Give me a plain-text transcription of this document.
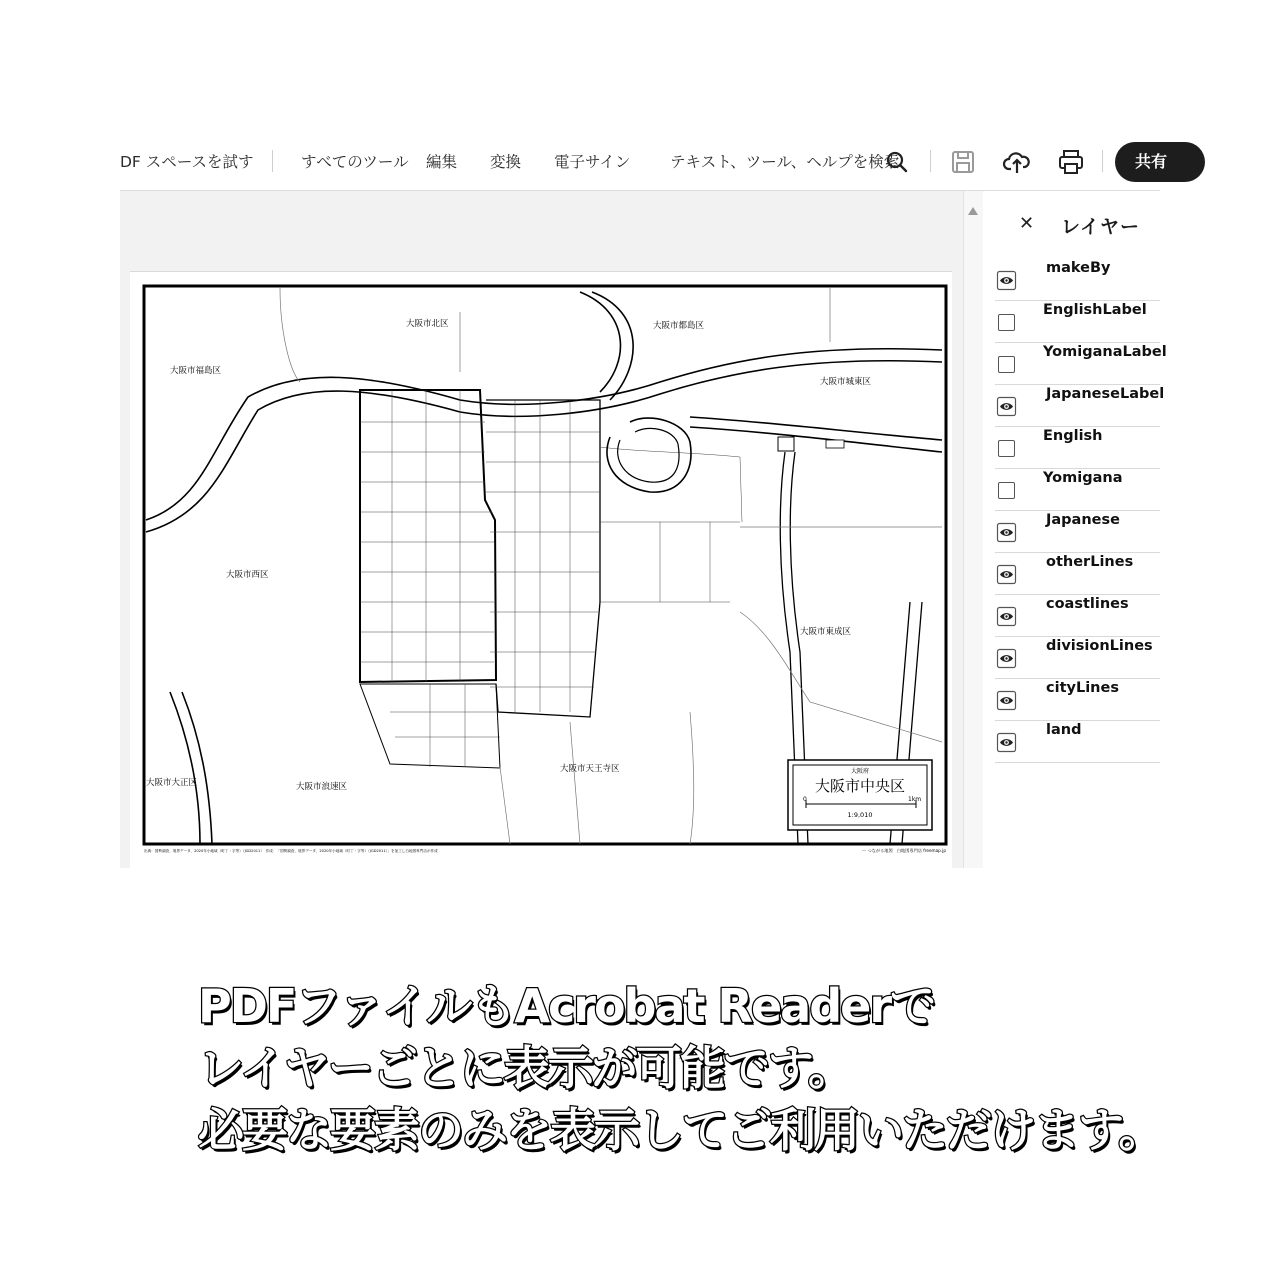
DF スペースを試す	すべてのツール 編集 変換 電子サイン	テキスト、ツール、ヘルプを検索	共有
大阪市北区	大阪市都島区
大阪市福島区
大阪市城東区
大阪市西区
大阪市東成区
大阪市大正区	大阪市浪速区
大阪市天王寺区	大阪府
大阪市中央区
0	1km
1:9,010
出典：国勢調査、境界データ、2020年小地域（町丁・字等）（JGD2011）　作成：「国勢調査、境界データ、2020年小地域（町丁・字等）（JGD2011）」を加工し白地図専門店が作成	ー つながる地図　白地図専門店 freemap.jp
✕ レイヤー
makeBy
EnglishLabel
YomiganaLabel
JapaneseLabel
English
Yomigana
Japanese
otherLines
coastlines
divisionLines
cityLines
land
PDFファイルもAcrobat Readerで
レイヤーごとに表示が可能です。
必要な要素のみを表示してご利用いただけます。
